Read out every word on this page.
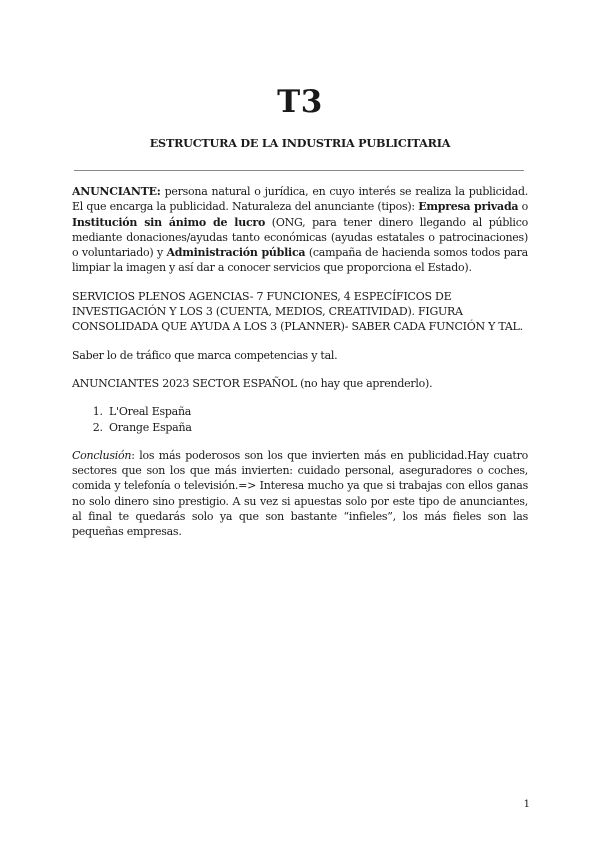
T3
ESTRUCTURA DE LA INDUSTRIA PUBLICITARIA

ANUNCIANTE: persona natural o jurídica, en cuyo interés se realiza la publicidad. El que encarga la publicidad. Naturaleza del anunciante (tipos): Empresa privada o Institución sin ánimo de lucro (ONG, para tener dinero llegando al público mediante donaciones/ayudas tanto económicas (ayudas estatales o patrocinaciones) o voluntariado) y Administración pública (campaña de hacienda somos todos para limpiar la imagen y así dar a conocer servicios que proporciona el Estado).

SERVICIOS PLENOS AGENCIAS- 7 FUNCIONES, 4 ESPECÍFICOS DE INVESTIGACIÓN Y LOS 3 (CUENTA, MEDIOS, CREATIVIDAD). FIGURA CONSOLIDADA QUE AYUDA A LOS 3 (PLANNER)- SABER CADA FUNCIÓN Y TAL.

Saber lo de tráfico que marca competencias y tal.

ANUNCIANTES 2023 SECTOR ESPAÑOL (no hay que aprenderlo).

1. L'Oreal España
2. Orange España

Conclusión: los más poderosos son los que invierten más en publicidad.Hay cuatro sectores que son los que más invierten: cuidado personal, aseguradores o coches, comida y telefonía o televisión.=> Interesa mucho ya que si trabajas con ellos ganas no solo dinero sino prestigio. A su vez si apuestas solo por este tipo de anunciantes, al final te quedarás solo ya que son bastante “infieles”, los más fieles son las pequeñas empresas.

1
